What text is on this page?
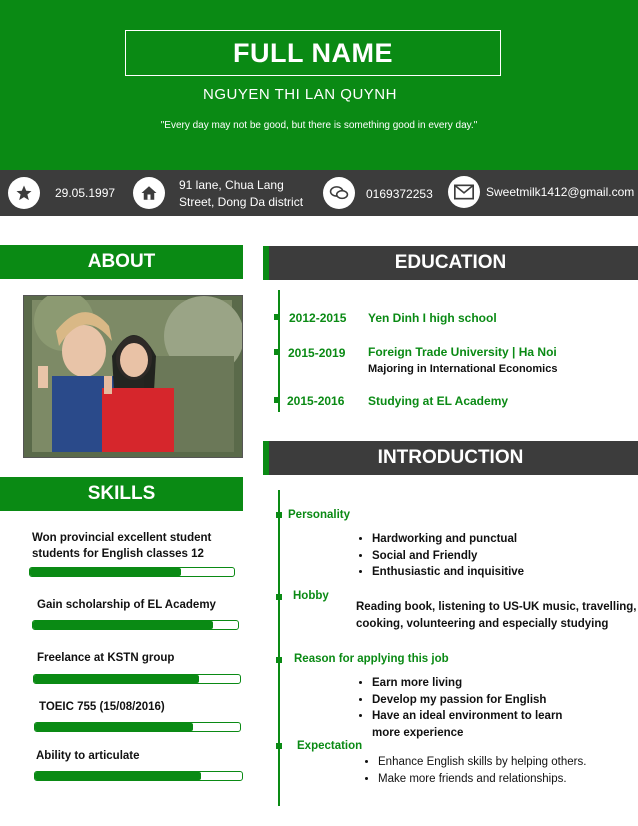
FULL NAME
NGUYEN THI LAN QUYNH
"Every day may not be good, but there is something good in every day."
29.05.1997
91 lane, Chua Lang
Street, Dong Da district
0169372253	Sweetmilk1412@gmail.com
ABOUT
SKILLS
Won provincial excellent student
students for English classes 12
Gain scholarship of EL Academy
Freelance at KSTN group
TOEIC 755 (15/08/2016)
Ability to articulate
EDUCATION
2012-2015 Yen Dinh I high school
2015-2019 Foreign Trade University | Ha Noi
Majoring in International Economics
2015-2016 Studying at EL Academy
INTRODUCTION
Personality
• Hardworking and punctual
• Social and Friendly
• Enthusiastic and inquisitive
Hobby
Reading book, listening to US-UK music, travelling,
cooking, volunteering and especially studying
Reason for applying this job
• Earn more living
• Develop my passion for English
• Have an ideal environment to learn
more experience
Expectation
• Enhance English skills by helping others.
• Make more friends and relationships.
